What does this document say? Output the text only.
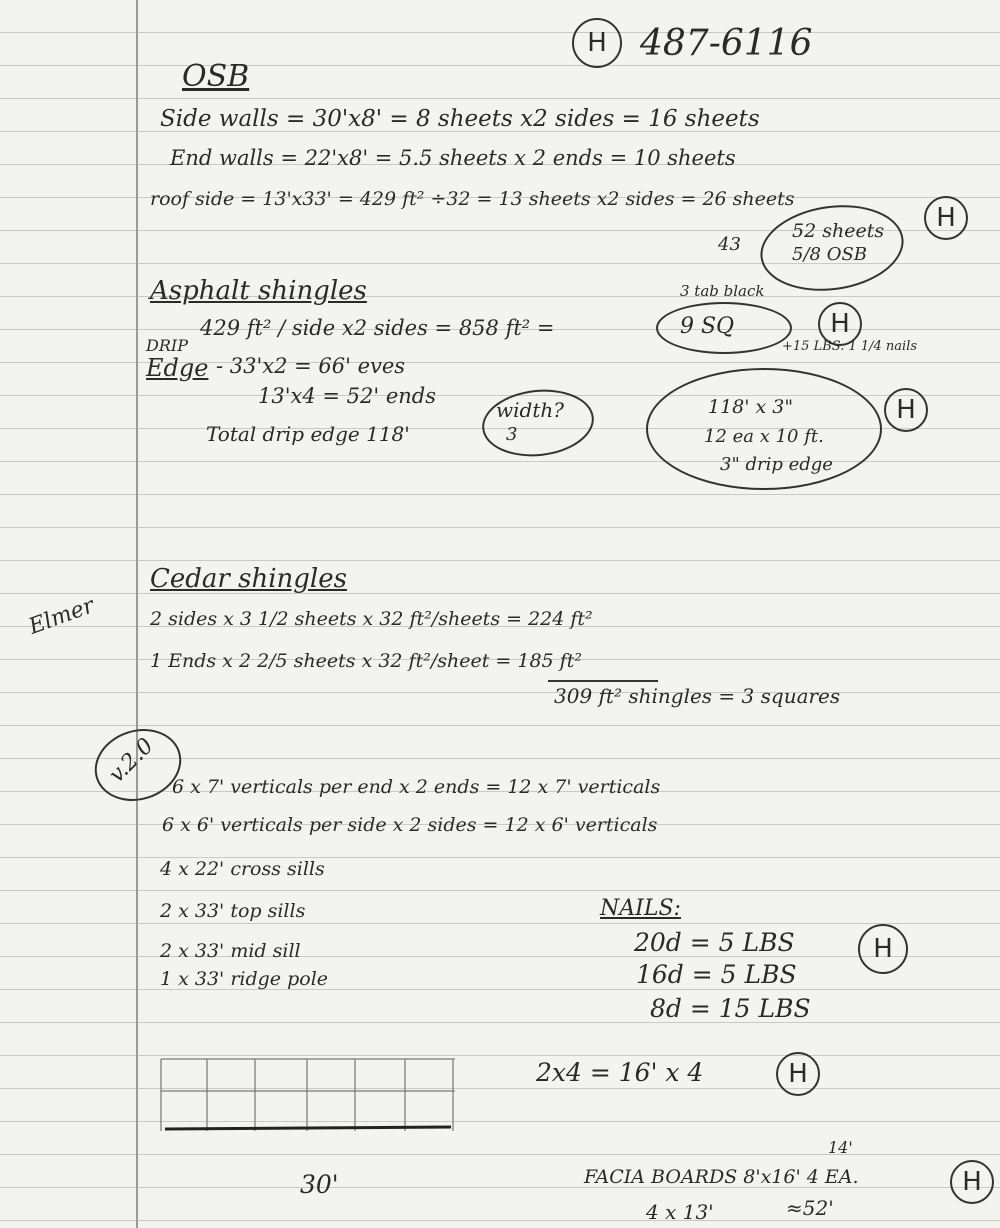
H 487-6116
OSB
Side walls = 30'x8' = 8 sheets x2 sides = 16 sheets
End walls = 22'x8' = 5.5 sheets x 2 ends = 10 sheets
roof side = 13'x33' = 429 ft² ÷32 = 13 sheets x2 sides = 26 sheets
43
52 sheets
5/8 OSB
H
Asphalt shingles
429 ft² / side x2 sides = 858 ft² =
3 tab black
9 SQ	H
+15 LBS. 1 1/4 nails
DRIP
Edge - 33'x2 = 66' eves
13'x4 = 52' ends
Total drip edge 118'
width?
3
118' x 3"
12 ea x 10 ft.
3" drip edge
H
Cedar shingles
Elmer	2 sides x 3 1/2 sheets x 32 ft²/sheets = 224 ft²
1 Ends x 2 2/5 sheets x 32 ft²/sheet = 185 ft²
309 ft² shingles = 3 squares
v.2.0 6 x 7' verticals per end x 2 ends = 12 x 7' verticals
6 x 6' verticals per side x 2 sides = 12 x 6' verticals
4 x 22' cross sills
2 x 33' top sills
2 x 33' mid sill
1 x 33' ridge pole
NAILS:
20d = 5 LBS
16d = 5 LBS
8d = 15 LBS
H
2x4 = 16' x 4	H
30'
14'
FACIA BOARDS 8'x16' 4 EA.
4 x 13'	≈52'
H
